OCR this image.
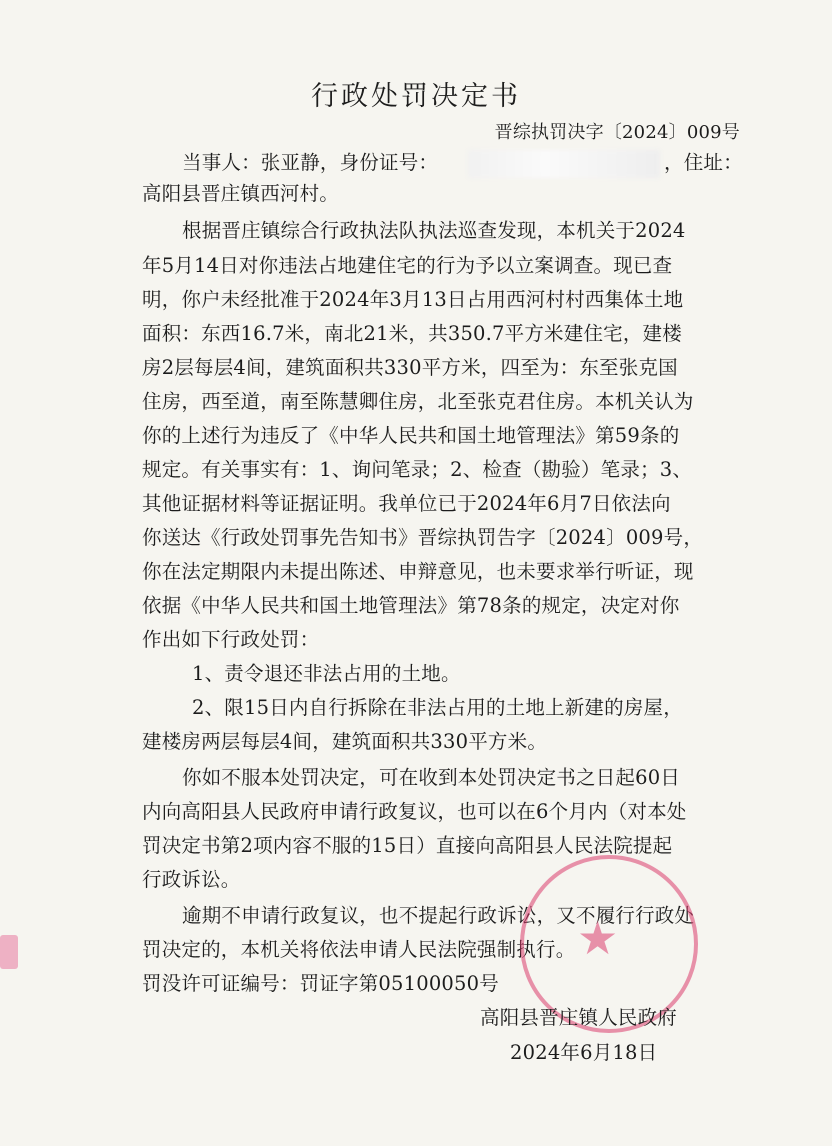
行政处罚决定书
晋综执罚决字〔2024〕009号
当事人：张亚静，身份证号：	，住址：
高阳县晋庄镇西河村。
根据晋庄镇综合行政执法队执法巡查发现，本机关于2024
年5月14日对你违法占地建住宅的行为予以立案调查。现已查
明，你户未经批准于2024年3月13日占用西河村村西集体土地
面积：东西16.7米，南北21米，共350.7平方米建住宅，建楼
房2层每层4间，建筑面积共330平方米，四至为：东至张克国
住房，西至道，南至陈慧卿住房，北至张克君住房。本机关认为
你的上述行为违反了《中华人民共和国土地管理法》第59条的
规定。有关事实有：1、询问笔录；2、检查（勘验）笔录；3、
其他证据材料等证据证明。我单位已于2024年6月7日依法向
你送达《行政处罚事先告知书》晋综执罚告字〔2024〕009号，
你在法定期限内未提出陈述、申辩意见，也未要求举行听证，现
依据《中华人民共和国土地管理法》第78条的规定，决定对你
作出如下行政处罚：
1、责令退还非法占用的土地。
2、限15日内自行拆除在非法占用的土地上新建的房屋，
建楼房两层每层4间，建筑面积共330平方米。
你如不服本处罚决定，可在收到本处罚决定书之日起60日
内向高阳县人民政府申请行政复议，也可以在6个月内（对本处
罚决定书第2项内容不服的15日）直接向高阳县人民法院提起
行政诉讼。
逾期不申请行政复议，也不提起行政诉讼，又不履行行政处
罚决定的，本机关将依法申请人民法院强制执行。
罚没许可证编号：罚证字第05100050号
★
高阳县晋庄镇人民政府
2024年6月18日
